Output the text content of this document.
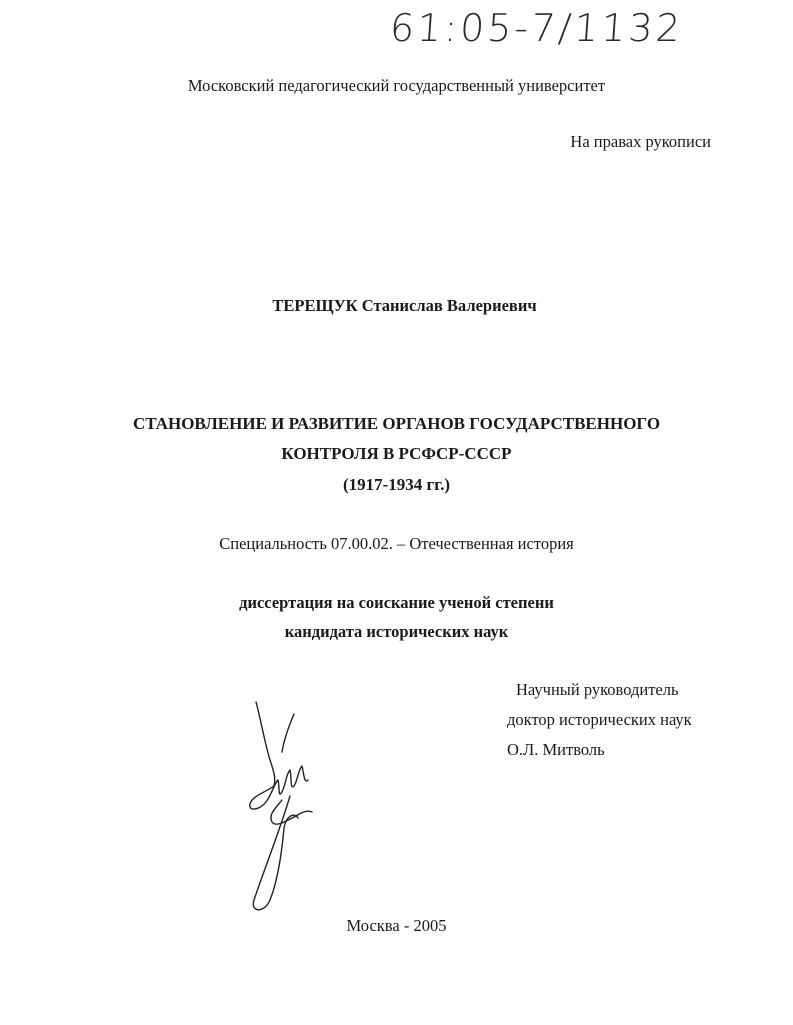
61:05-7/1132
Московский педагогический государственный университет
На правах рукописи
ТЕРЕЩУК Станислав Валериевич
СТАНОВЛЕНИЕ И РАЗВИТИЕ ОРГАНОВ ГОСУДАРСТВЕННОГО
КОНТРОЛЯ В РСФСР-СССР
(1917-1934 гг.)
Специальность 07.00.02. – Отечественная история
диссертация на соискание ученой степени
кандидата исторических наук
Научный руководитель
доктор исторических наук
О.Л. Митволь
Москва - 2005
